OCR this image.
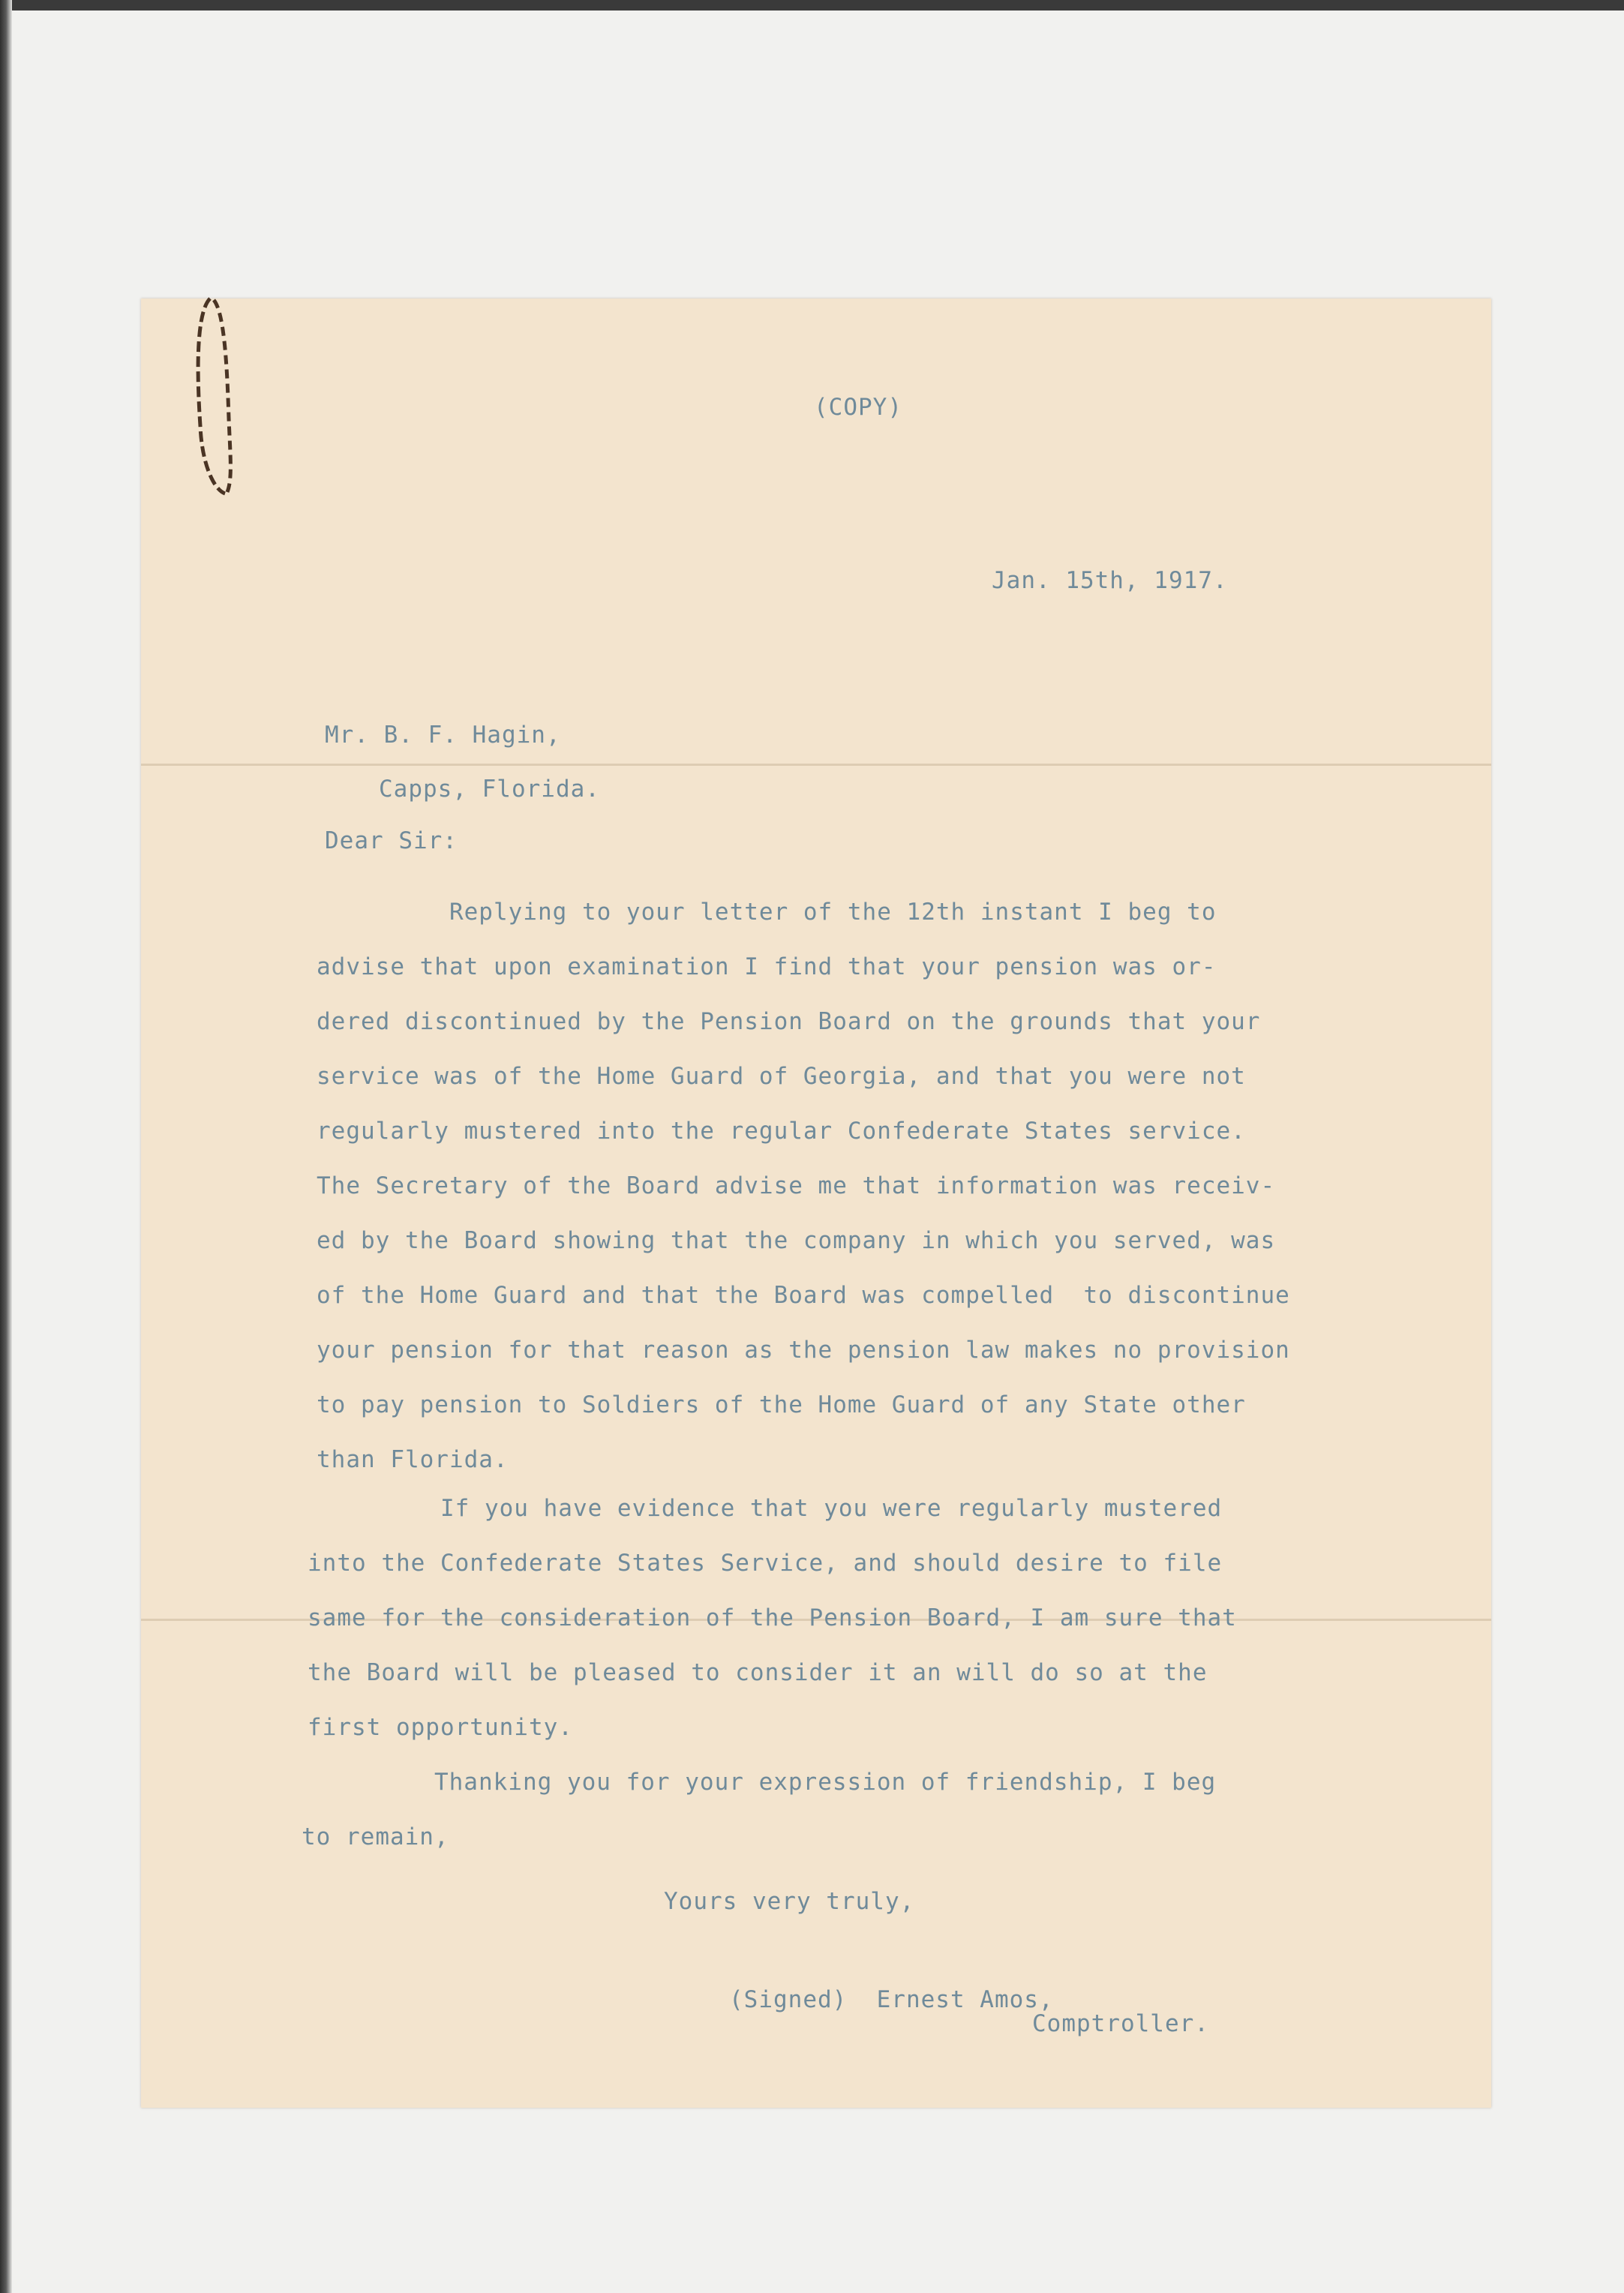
(COPY)

Jan. 15th, 1917.

Mr. B. F. Hagin,

Capps, Florida.

Dear Sir:

Replying to your letter of the 12th instant I beg to
advise that upon examination I find that your pension was or-
dered discontinued by the Pension Board on the grounds that your
service was of the Home Guard of Georgia, and that you were not
regularly mustered into the regular Confederate States service.
The Secretary of the Board advise me that information was receiv-
ed by the Board showing that the company in which you served, was
of the Home Guard and that the Board was compelled  to discontinue
your pension for that reason as the pension law makes no provision
to pay pension to Soldiers of the Home Guard of any State other
than Florida.
If you have evidence that you were regularly mustered
into the Confederate States Service, and should desire to file
same for the consideration of the Pension Board, I am sure that
the Board will be pleased to consider it an will do so at the
first opportunity.
Thanking you for your expression of friendship, I beg
to remain,

Yours very truly,

(Signed)  Ernest Amos,

Comptroller.
